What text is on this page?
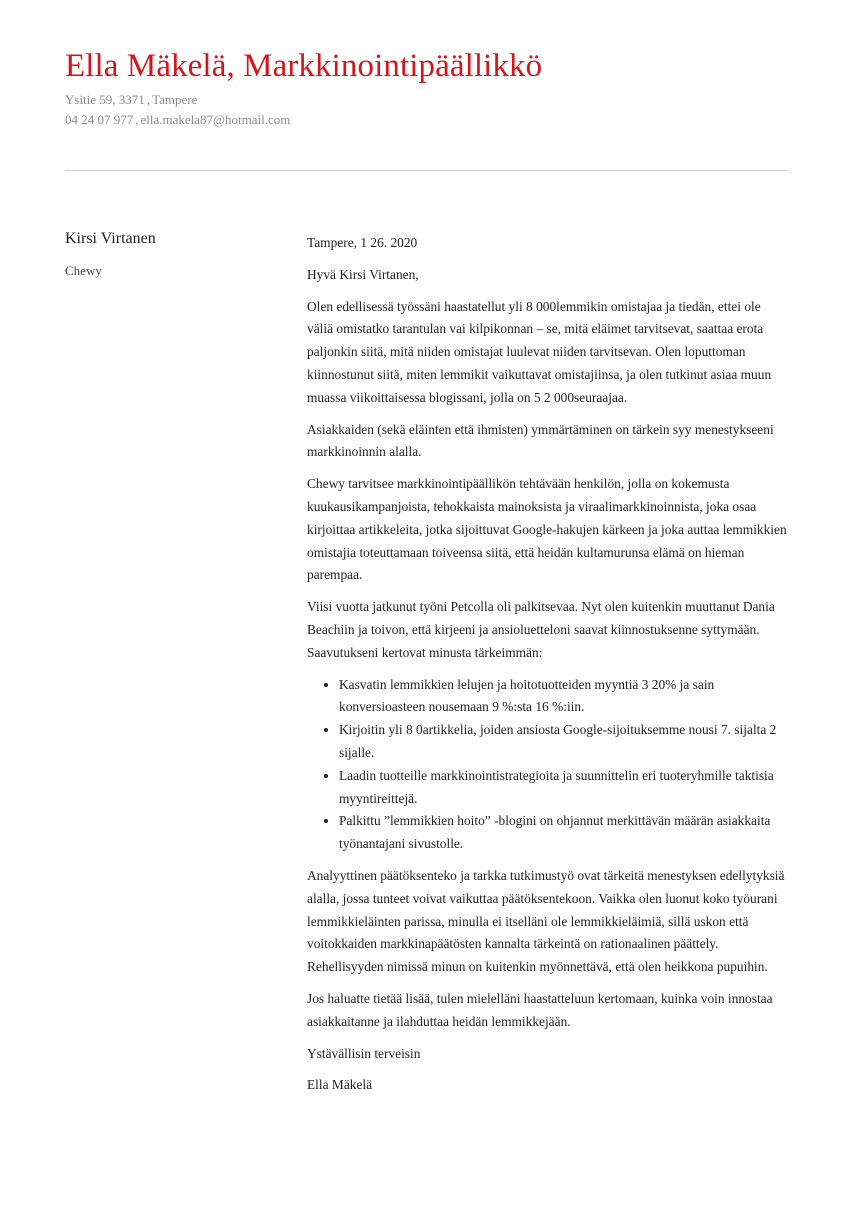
Ella Mäkelä, Markkinointipäällikkö
Ysitie 59, 3371 , Tampere
04 24 07 977 , ella.makela87@hotmail.com
Kirsi Virtanen
Chewy

Tampere, 1 26. 2020

Hyvä Kirsi Virtanen,

Olen edellisessä työssäni haastatellut yli 8 000lemmikin omistajaa ja tiedän, ettei ole väliä omistatko tarantulan vai kilpikonnan – se, mitä eläimet tarvitsevat, saattaa erota paljonkin siitä, mitä niiden omistajat luulevat niiden tarvitsevan. Olen loputtoman kiinnostunut siitä, miten lemmikit vaikuttavat omistajiinsa, ja olen tutkinut asiaa muun muassa viikoittaisessa blogissani, jolla on 5 2 000seuraajaa.

Asiakkaiden (sekä eläinten että ihmisten) ymmärtäminen on tärkein syy menestykseeni markkinoinnin alalla.

Chewy tarvitsee markkinointipäällikön tehtävään henkilön, jolla on kokemusta kuukausikampanjoista, tehokkaista mainoksista ja viraalimarkkinoinnista, joka osaa kirjoittaa artikkeleita, jotka sijoittuvat Google-hakujen kärkeen ja joka auttaa lemmikkien omistajia toteuttamaan toiveensa siitä, että heidän kultamurunsa elämä on hieman parempaa.

Viisi vuotta jatkunut työni Petcolla oli palkitsevaa. Nyt olen kuitenkin muuttanut Dania Beachiin ja toivon, että kirjeeni ja ansioluetteloni saavat kiinnostuksenne syttymään. Saavutukseni kertovat minusta tärkeimmän:

• Kasvatin lemmikkien lelujen ja hoitotuotteiden myyntiä 3 20% ja sain konversioasteen nousemaan 9 %:sta 16 %:iin.
• Kirjoitin yli 8 0artikkelia, joiden ansiosta Google-sijoituksemme nousi 7. sijalta 2 sijalle.
• Laadin tuotteille markkinointistrategioita ja suunnittelin eri tuoteryhmille taktisia myyntireittejä.
• Palkittu ”lemmikkien hoito” -blogini on ohjannut merkittävän määrän asiakkaita työnantajani sivustolle.

Analyyttinen päätöksenteko ja tarkka tutkimustyö ovat tärkeitä menestyksen edellytyksiä alalla, jossa tunteet voivat vaikuttaa päätöksentekoon. Vaikka olen luonut koko työurani lemmikkieläinten parissa, minulla ei itselläni ole lemmikkieläimiä, sillä uskon että voitokkaiden markkinapäätösten kannalta tärkeintä on rationaalinen päättely. Rehellisyyden nimissä minun on kuitenkin myönnettävä, että olen heikkona pupuihin.

Jos haluatte tietää lisää, tulen mielelläni haastatteluun kertomaan, kuinka voin innostaa asiakkaitanne ja ilahduttaa heidän lemmikkejään.

Ystävällisin terveisin

Ella Mäkelä
